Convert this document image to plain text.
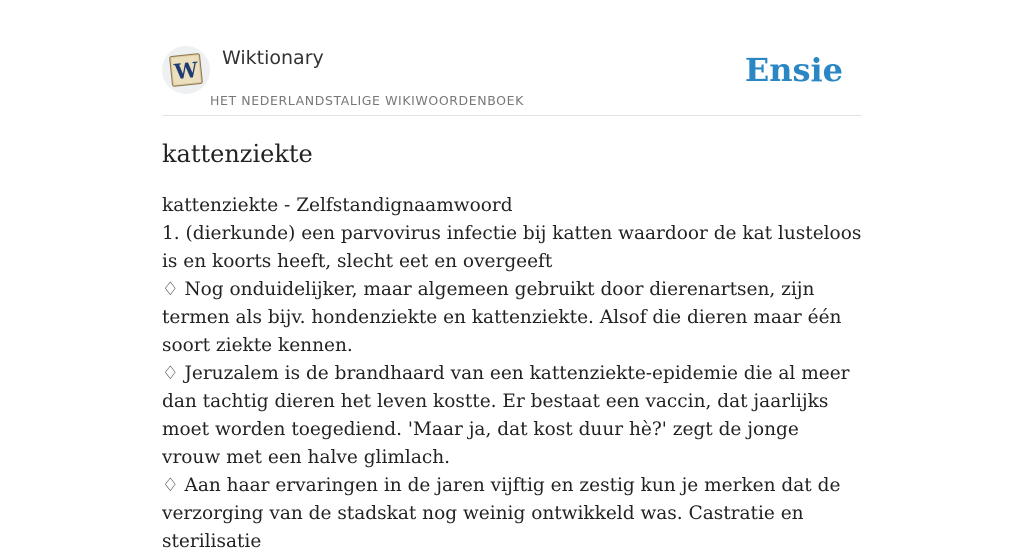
W Wiktionary
HET NEDERLANDSTALIGE WIKIWOORDENBOEK
Ensie
kattenziekte

kattenziekte - Zelfstandignaamwoord

1. (dierkunde) een parvovirus infectie bij katten waardoor de kat lusteloos is en koorts heeft, slecht eet en overgeeft

♢ Nog onduidelijker, maar algemeen gebruikt door dierenartsen, zijn termen als bijv. hondenziekte en kattenziekte. Alsof die dieren maar één soort ziekte kennen.

♢ Jeruzalem is de brandhaard van een kattenziekte-epidemie die al meer dan tachtig dieren het leven kostte. Er bestaat een vaccin, dat jaarlijks moet worden toegediend. 'Maar ja, dat kost duur hè?' zegt de jonge vrouw met een halve glimlach.

♢ Aan haar ervaringen in de jaren vijftig en zestig kun je merken dat de verzorging van de stadskat nog weinig ontwikkeld was. Castratie en sterilisatie
